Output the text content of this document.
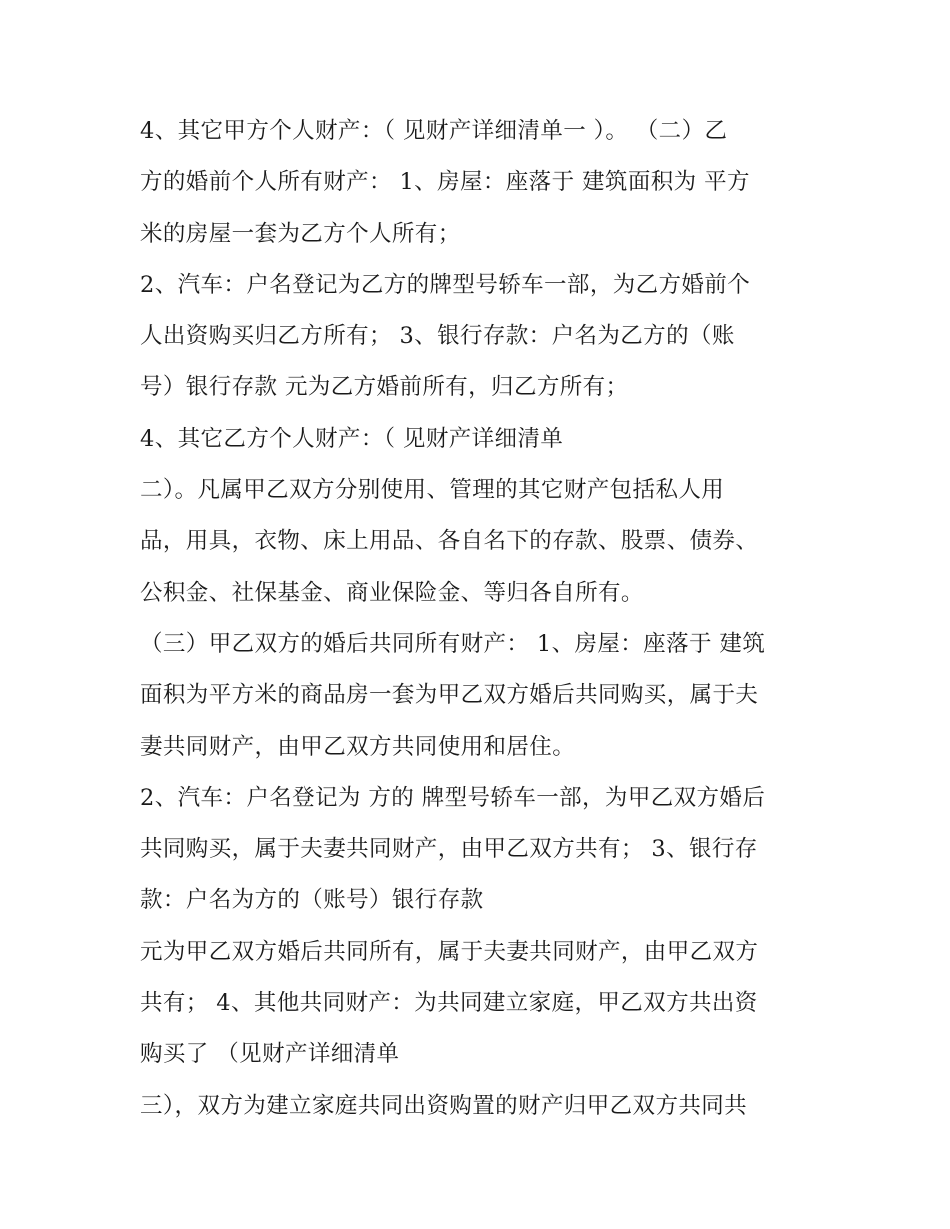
4、其它甲方个人财产：（ 见财产详细清单一 ）。 （二）乙
方的婚前个人所有财产： 1、房屋：座落于 建筑面积为 平方
米的房屋一套为乙方个人所有；
2、汽车：户名登记为乙方的牌型号轿车一部，为乙方婚前个
人出资购买归乙方所有； 3、银行存款：户名为乙方的（账
号）银行存款 元为乙方婚前所有，归乙方所有；
4、其它乙方个人财产：（ 见财产详细清单
二）。凡属甲乙双方分别使用、管理的其它财产包括私人用
品，用具，衣物、床上用品、各自名下的存款、股票、债券、
公积金、社保基金、商业保险金、等归各自所有。
（三）甲乙双方的婚后共同所有财产： 1、房屋：座落于 建筑
面积为平方米的商品房一套为甲乙双方婚后共同购买，属于夫
妻共同财产，由甲乙双方共同使用和居住。
2、汽车：户名登记为 方的 牌型号轿车一部，为甲乙双方婚后
共同购买，属于夫妻共同财产，由甲乙双方共有； 3、银行存
款：户名为方的（账号）银行存款
元为甲乙双方婚后共同所有，属于夫妻共同财产，由甲乙双方
共有； 4、其他共同财产：为共同建立家庭，甲乙双方共出资
购买了 （见财产详细清单
三），双方为建立家庭共同出资购置的财产归甲乙双方共同共
